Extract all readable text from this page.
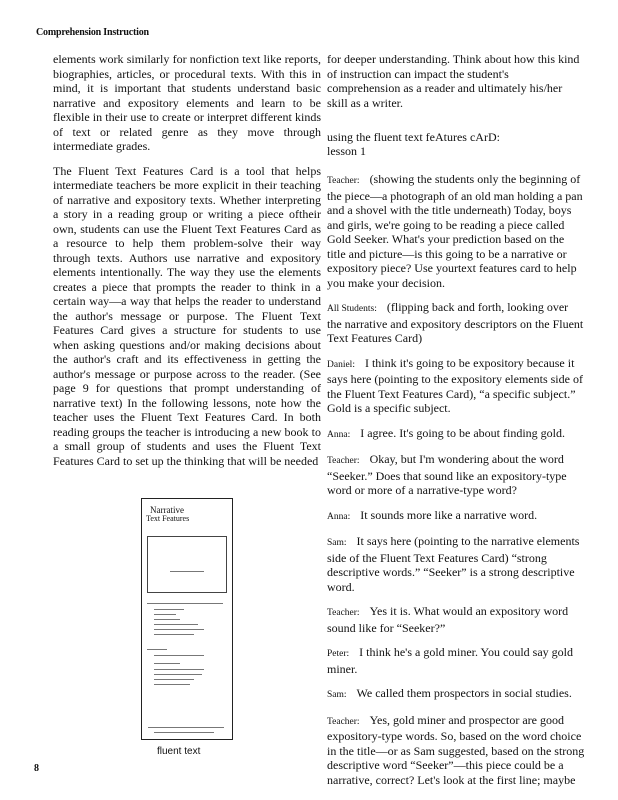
Comprehension Instruction

elements work similarly for nonfiction text like reports, biographies, articles, or procedural texts. With this in mind, it is important that students understand basic narrative and expository elements and learn to be flexible in their use to create or interpret different kinds of text or related genre as they move through intermediate grades.

The Fluent Text Features Card is a tool that helps intermediate teachers be more explicit in their teaching of narrative and expository texts. Whether interpreting a story in a reading group or writing a piece oftheir own, students can use the Fluent Text Features Card as a resource to help them problem-solve their way through texts. Authors use narrative and expository elements intentionally. The way they use the elements creates a piece that prompts the reader to think in a certain way—a way that helps the reader to understand the author's message or purpose. The Fluent Text Features Card gives a structure for students to use when asking questions and/or making decisions about the author's craft and its effectiveness in getting the author's message or purpose across to the reader. (See page 9 for questions that prompt understanding of narrative text) In the following lessons, note how the teacher uses the Fluent Text Features Card. In both reading groups the teacher is introducing a new book to a small group of students and uses the Fluent Text Features Card to set up the thinking that will be needed

Narrative
Text Features
fluent text

for deeper understanding. Think about how this kind of instruction can impact the student's comprehension as a reader and ultimately his/her skill as a writer.

using the fluent text feAtures cArD:
lesson 1

Teacher: (showing the students only the beginning of the piece—a photograph of an old man holding a pan and a shovel with the title underneath) Today, boys and girls, we're going to be reading a piece called Gold Seeker. What's your prediction based on the title and picture—is this going to be a narrative or expository piece? Use yourtext features card to help you make your decision.

All Students: (flipping back and forth, looking over the narrative and expository descriptors on the Fluent Text Features Card)

Daniel: I think it's going to be expository because it says here (pointing to the expository elements side of the Fluent Text Features Card), “a specific subject.” Gold is a specific subject.

Anna: I agree. It's going to be about finding gold.

Teacher: Okay, but I'm wondering about the word “Seeker.” Does that sound like an expository-type word or more of a narrative-type word?

Anna: It sounds more like a narrative word.

Sam: It says here (pointing to the narrative elements side of the Fluent Text Features Card) “strong descriptive words.” “Seeker” is a strong descriptive word.

Teacher: Yes it is. What would an expository word sound like for “Seeker?”

Peter: I think he's a gold miner. You could say gold miner.

Sam: We called them prospectors in social studies.

Teacher: Yes, gold miner and prospector are good expository-type words. So, based on the word choice in the title—or as Sam suggested, based on the strong descriptive word “Seeker”—this piece could be a narrative, correct? Let's look at the first line; maybe

8
